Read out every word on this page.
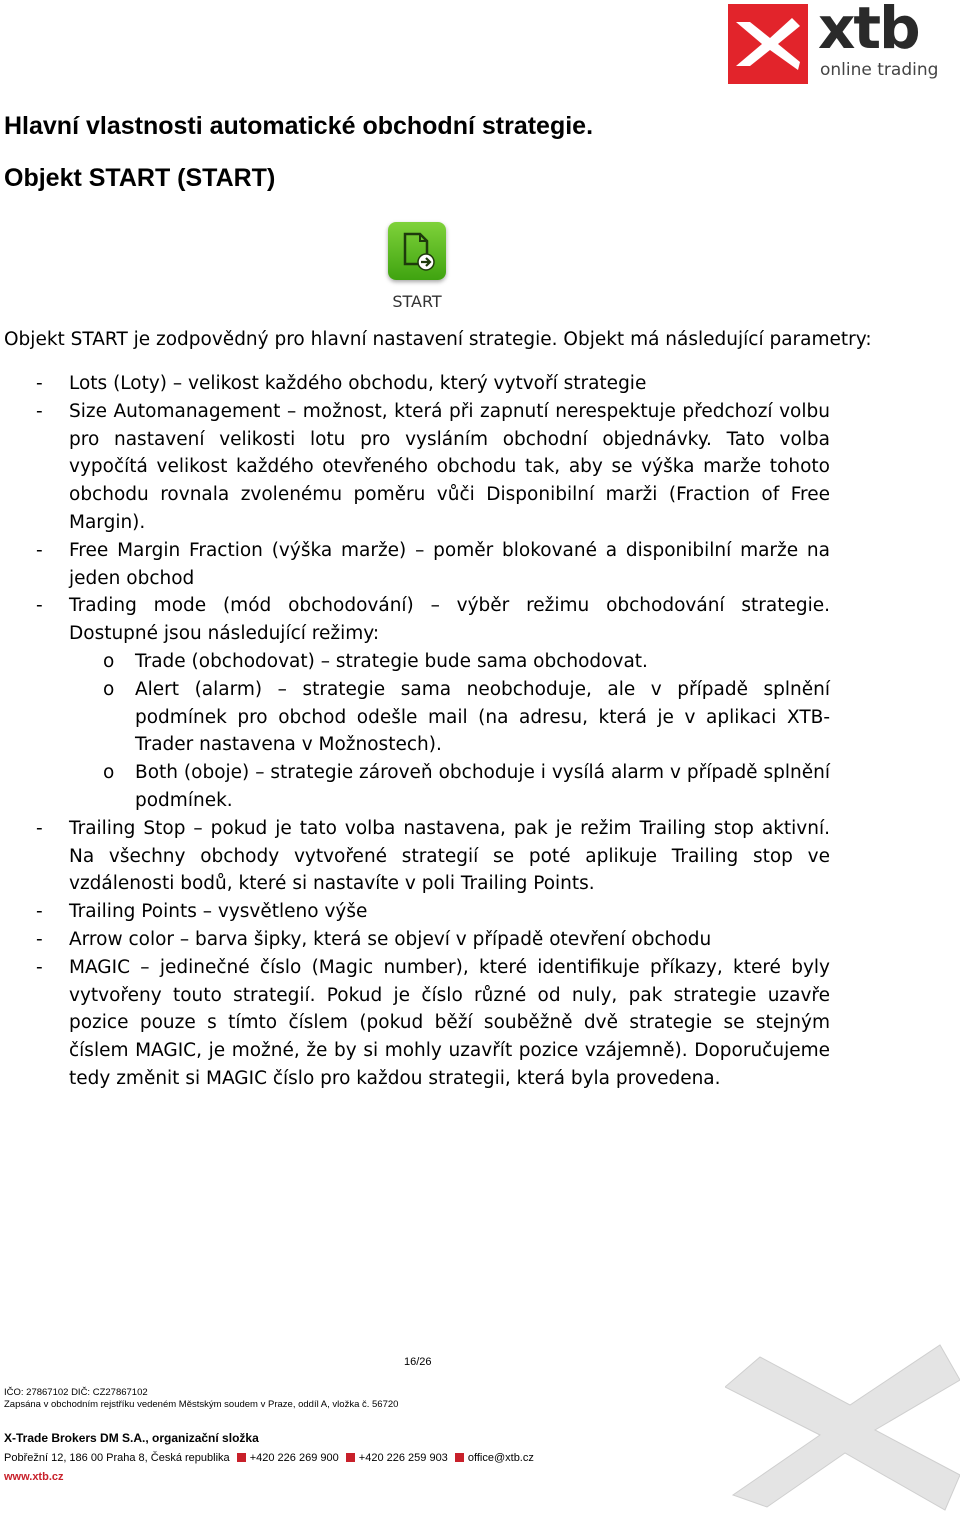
xtb
online trading
Hlavní vlastnosti automatické obchodní strategie.
Objekt START (START)
START
Objekt START je zodpovědný pro hlavní nastavení strategie. Objekt má následující parametry:
- Lots (Loty) – velikost každého obchodu, který vytvoří strategie
- Size Automanagement – možnost, která při zapnutí nerespektuje předchozí volbu pro nastavení velikosti lotu pro vysláním obchodní objednávky. Tato volba vypočítá velikost každého otevřeného obchodu tak, aby se výška marže tohoto obchodu rovnala zvolenému poměru vůči Disponibilní marži (Fraction of Free Margin).
- Free Margin Fraction (výška marže) – poměr blokované a disponibilní marže na jeden obchod
- Trading mode (mód obchodování) – výběr režimu obchodování strategie. Dostupné jsou následující režimy:
o Trade (obchodovat) – strategie bude sama obchodovat.
o Alert (alarm) – strategie sama neobchoduje, ale v případě splnění podmínek pro obchod odešle mail (na adresu, která je v aplikaci XTB-Trader nastavena v Možnostech).
o Both (oboje) – strategie zároveň obchoduje i vysílá alarm v případě splnění podmínek.
- Trailing Stop – pokud je tato volba nastavena, pak je režim Trailing stop aktivní. Na všechny obchody vytvořené strategií se poté aplikuje Trailing stop ve vzdálenosti bodů, které si nastavíte v poli Trailing Points.
- Trailing Points – vysvětleno výše
- Arrow color – barva šipky, která se objeví v případě otevření obchodu
- MAGIC – jedinečné číslo (Magic number), které identifikuje příkazy, které byly vytvořeny touto strategií. Pokud je číslo různé od nuly, pak strategie uzavře pozice pouze s tímto číslem (pokud běží souběžně dvě strategie se stejným číslem MAGIC, je možné, že by si mohly uzavřít pozice vzájemně). Doporučujeme tedy změnit si MAGIC číslo pro každou strategii, která byla provedena.
16/26
IČO: 27867102 DIČ: CZ27867102
Zapsána v obchodním rejstříku vedeném Městským soudem v Praze, oddíl A, vložka č. 56720
X-Trade Brokers DM S.A., organizační složka
Pobřežní 12, 186 00 Praha 8, Česká republika +420 226 269 900 +420 226 259 903 office@xtb.cz
www.xtb.cz
